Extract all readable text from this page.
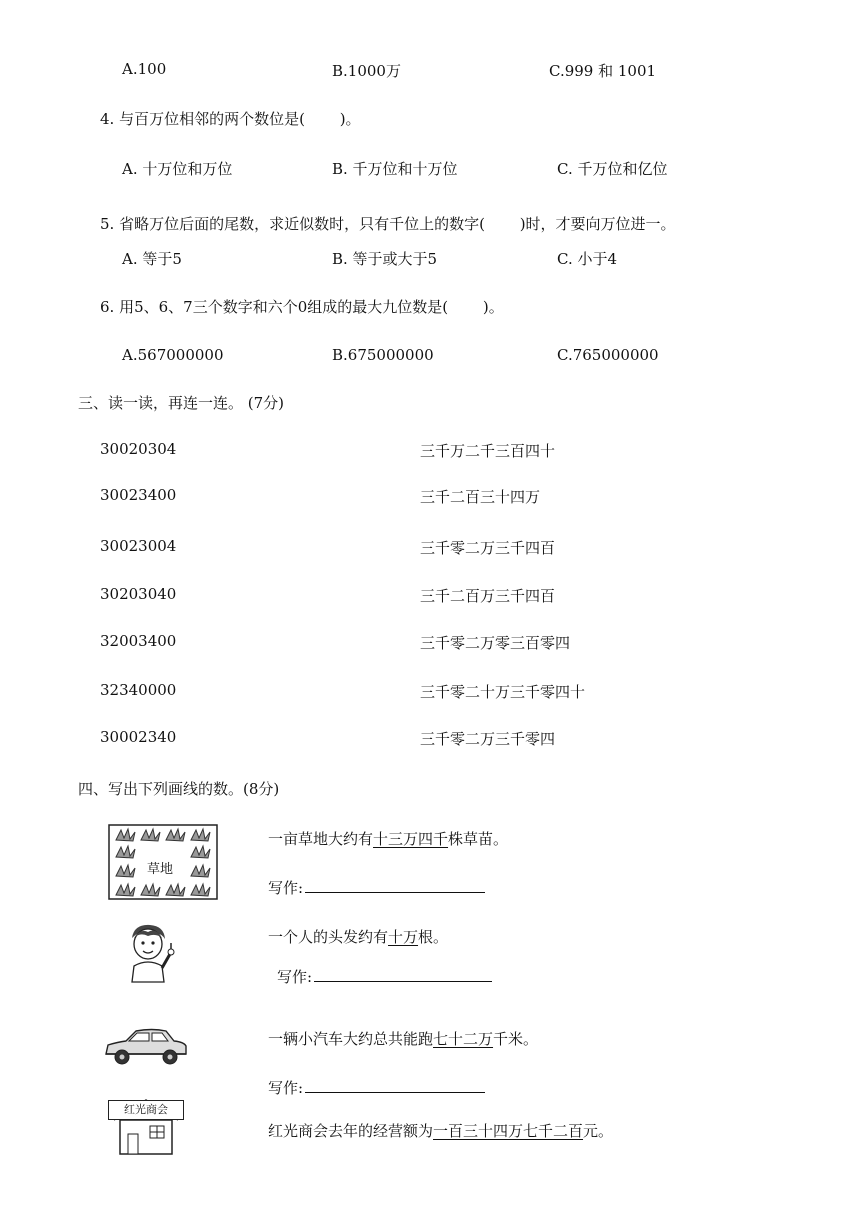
A.100	B.1000万	C.999 和 1001
4. 与百万位相邻的两个数位是(　　 )。
A. 十万位和万位	B. 千万位和十万位	C. 千万位和亿位
5. 省略万位后面的尾数，求近似数时，只有千位上的数字(　　 )时，才要向万位进一。
A. 等于5	B. 等于或大于5	C. 小于4
6. 用5、6、7三个数字和六个0组成的最大九位数是(　　 )。
A.567000000	B.675000000	C.765000000
三、读一读，再连一连。 (7分)
30020304
30023400
30023004
30203040
32003400
32340000
30002340
三千万二千三百四十
三千二百三十四万
三千零二万三千四百
三千二百万三千四百
三千零二万零三百零四
三千零二十万三千零四十
三千零二万三千零四
四、写出下列画线的数。(8分)
草地
一亩草地大约有十三万四千株草苗。
写作:
一个人的头发约有十万根。
写作:
一辆小汽车大约总共能跑七十二万千米。
写作:
红光商会
红光商会去年的经营额为一百三十四万七千二百元。
